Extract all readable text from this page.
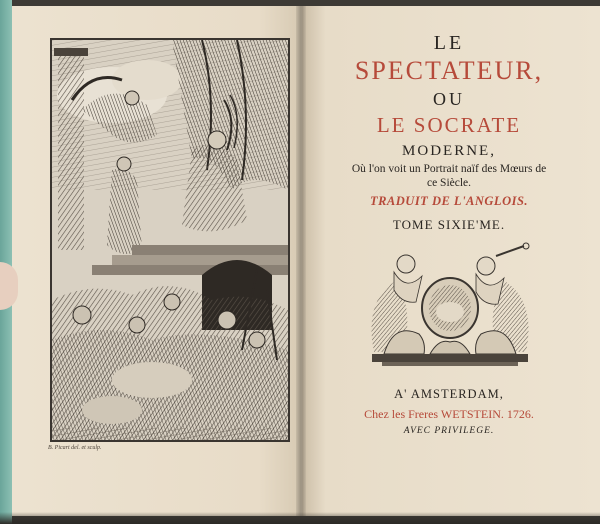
B. Picart del. et sculp.
LE
SPECTATEUR,
OU
LE SOCRATE
MODERNE,
Où l'on voit un Portrait naïf des Mœurs de
ce Siècle.
TRADUIT DE L'ANGLOIS.
TOME SIXIE'ME.
A' AMSTERDAM,
Chez les Freres WETSTEIN. 1726.
AVEC PRIVILEGE.
